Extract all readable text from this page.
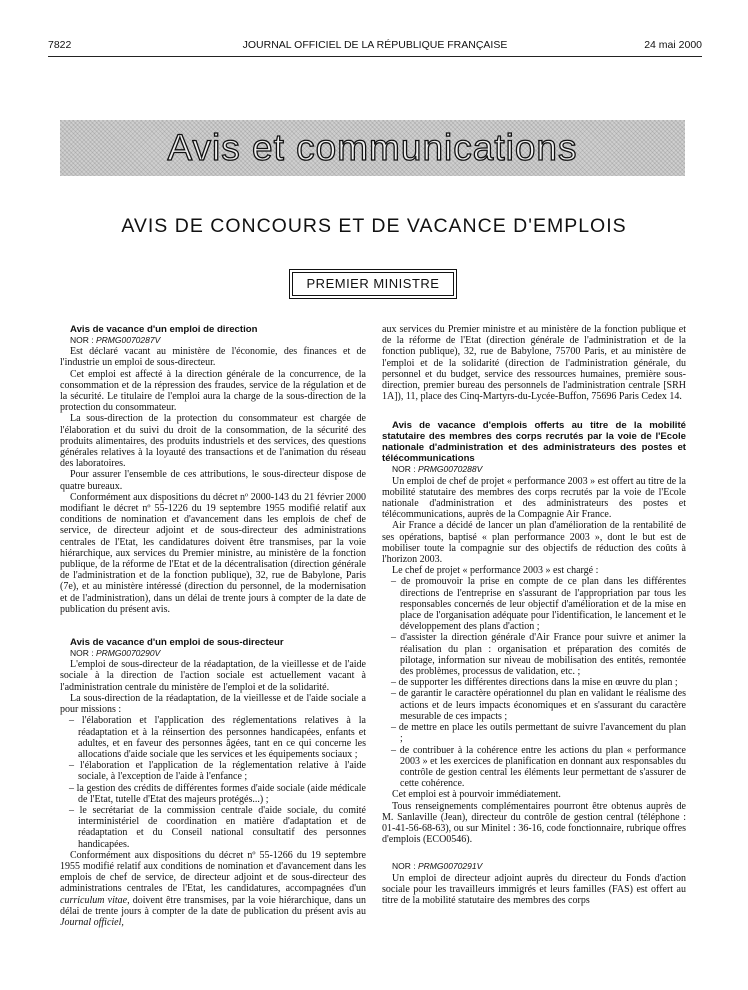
7822	JOURNAL OFFICIEL DE LA RÉPUBLIQUE FRANÇAISE	24 mai 2000
Avis et communications
AVIS DE CONCOURS ET DE VACANCE D'EMPLOIS
PREMIER MINISTRE

Avis de vacance d'un emploi de direction

NOR : PRMG0070287V

Est déclaré vacant au ministère de l'économie, des finances et de l'industrie un emploi de sous-directeur.

Cet emploi est affecté à la direction générale de la concurrence, de la consommation et de la répression des fraudes, service de la régulation et de la sécurité. Le titulaire de l'emploi aura la charge de la sous-direction de la protection du consommateur.

La sous-direction de la protection du consommateur est chargée de l'élaboration et du suivi du droit de la consommation, de la sécurité des produits alimentaires, des produits industriels et des services, des questions générales relatives à la loyauté des transactions et de l'animation du réseau des laboratoires.

Pour assurer l'ensemble de ces attributions, le sous-directeur dispose de quatre bureaux.

Conformément aux dispositions du décret nº 2000-143 du 21 février 2000 modifiant le décret nº 55-1226 du 19 septembre 1955 modifié relatif aux conditions de nomination et d'avancement dans les emplois de chef de service, de directeur adjoint et de sous-directeur des administrations centrales de l'Etat, les candidatures doivent être transmises, par la voie hiérarchique, aux services du Premier ministre, au ministère de la fonction publique, de la réforme de l'Etat et de la décentralisation (direction générale de l'administration et de la fonction publique), 32, rue de Babylone, Paris (7e), et au ministère intéressé (direction du personnel, de la modernisation et de l'administration), dans un délai de trente jours à compter de la date de publication du présent avis.

Avis de vacance d'un emploi de sous-directeur

NOR : PRMG0070290V

L'emploi de sous-directeur de la réadaptation, de la vieillesse et de l'aide sociale à la direction de l'action sociale est actuellement vacant à l'administration centrale du ministère de l'emploi et de la solidarité.

La sous-direction de la réadaptation, de la vieillesse et de l'aide sociale a pour missions :

– l'élaboration et l'application des réglementations relatives à la réadaptation et à la réinsertion des personnes handicapées, enfants et adultes, et en faveur des personnes âgées, tant en ce qui concerne les allocations d'aide sociale que les services et les équipements sociaux ;
– l'élaboration et l'application de la réglementation relative à l'aide sociale, à l'exception de l'aide à l'enfance ;
– la gestion des crédits de différentes formes d'aide sociale (aide médicale de l'Etat, tutelle d'Etat des majeurs protégés...) ;
– le secrétariat de la commission centrale d'aide sociale, du comité interministériel de coordination en matière d'adaptation et de réadaptation et du Conseil national consultatif des personnes handicapées.

Conformément aux dispositions du décret nº 55-1266 du 19 septembre 1955 modifié relatif aux conditions de nomination et d'avancement dans les emplois de chef de service, de directeur adjoint et de sous-directeur des administrations centrales de l'Etat, les candidatures, accompagnées d'un curriculum vitae, doivent être transmises, par la voie hiérarchique, dans un délai de trente jours à compter de la date de publication du présent avis au Journal officiel,

aux services du Premier ministre et au ministère de la fonction publique et de la réforme de l'Etat (direction générale de l'administration et de la fonction publique), 32, rue de Babylone, 75700 Paris, et au ministère de l'emploi et de la solidarité (direction de l'administration générale, du personnel et du budget, service des ressources humaines, première sous-direction, premier bureau des personnels de l'administration centrale [SRH 1A]), 11, place des Cinq-Martyrs-du-Lycée-Buffon, 75696 Paris Cedex 14.

Avis de vacance d'emplois offerts au titre de la mobilité statutaire des membres des corps recrutés par la voie de l'Ecole nationale d'administration et des administrateurs des postes et télécommunications

NOR : PRMG0070288V

Un emploi de chef de projet « performance 2003 » est offert au titre de la mobilité statutaire des membres des corps recrutés par la voie de l'Ecole nationale d'administration et des administrateurs des postes et télécommunications, auprès de la Compagnie Air France.

Air France a décidé de lancer un plan d'amélioration de la rentabilité de ses opérations, baptisé « plan performance 2003 », dont le but est de mobiliser toute la compagnie sur des objectifs de réduction des coûts à l'horizon 2003.

Le chef de projet « performance 2003 » est chargé :

– de promouvoir la prise en compte de ce plan dans les différentes directions de l'entreprise en s'assurant de l'appropriation par tous les responsables concernés de leur objectif d'amélioration et de la mise en place de l'organisation adéquate pour l'identification, le lancement et le développement des plans d'action ;
– d'assister la direction générale d'Air France pour suivre et animer la réalisation du plan : organisation et préparation des comités de pilotage, information sur niveau de mobilisation des entités, remontée des problèmes, processus de validation, etc. ;
– de supporter les différentes directions dans la mise en œuvre du plan ;
– de garantir le caractère opérationnel du plan en validant le réalisme des actions et de leurs impacts économiques et en s'assurant du caractère mesurable de ces impacts ;
– de mettre en place les outils permettant de suivre l'avancement du plan ;
– de contribuer à la cohérence entre les actions du plan « performance 2003 » et les exercices de planification en donnant aux responsables du contrôle de gestion central les éléments leur permettant de s'assurer de cette cohérence.

Cet emploi est à pourvoir immédiatement.

Tous renseignements complémentaires pourront être obtenus auprès de M. Sanlaville (Jean), directeur du contrôle de gestion central (téléphone : 01-41-56-68-63), ou sur Minitel : 36-16, code fonctionnaire, rubrique offres d'emplois (ECO0546).

NOR : PRMG0070291V

Un emploi de directeur adjoint auprès du directeur du Fonds d'action sociale pour les travailleurs immigrés et leurs familles (FAS) est offert au titre de la mobilité statutaire des membres des corps
